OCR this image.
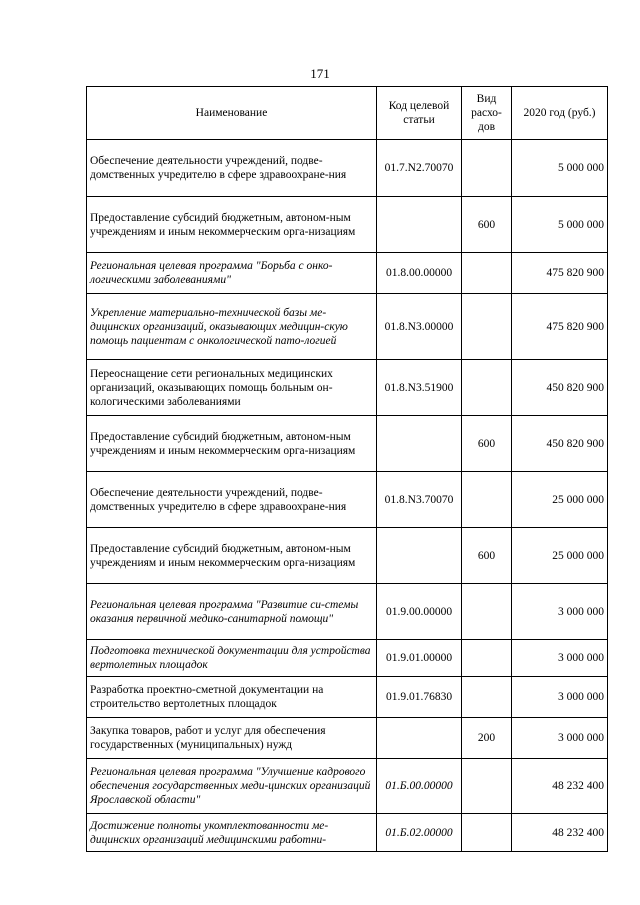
171
Наименование	Код целевой статьи	Вид расхо-дов	2020 год (руб.)
Обеспечение деятельности учреждений, подве-домственных учредителю в сфере здравоохране-ния	01.7.N2.70070		5 000 000
Предоставление субсидий бюджетным, автоном-ным учреждениям и иным некоммерческим орга-низациям		600	5 000 000
Региональная целевая программа "Борьба с онко-логическими заболеваниями"	01.8.00.00000		475 820 900
Укрепление материально-технической базы ме-дицинских организаций, оказывающих медицин-скую помощь пациентам с онкологической пато-логией	01.8.N3.00000		475 820 900
Переоснащение сети региональных медицинских организаций, оказывающих помощь больным он-кологическими заболеваниями	01.8.N3.51900		450 820 900
Предоставление субсидий бюджетным, автоном-ным учреждениям и иным некоммерческим орга-низациям		600	450 820 900
Обеспечение деятельности учреждений, подве-домственных учредителю в сфере здравоохране-ния	01.8.N3.70070		25 000 000
Предоставление субсидий бюджетным, автоном-ным учреждениям и иным некоммерческим орга-низациям		600	25 000 000
Региональная целевая программа "Развитие си-стемы оказания первичной медико-санитарной помощи"	01.9.00.00000		3 000 000
Подготовка технической документации для устройства вертолетных площадок	01.9.01.00000		3 000 000
Разработка проектно-сметной документации на строительство вертолетных площадок	01.9.01.76830		3 000 000
Закупка товаров, работ и услуг для обеспечения государственных (муниципальных) нужд		200	3 000 000
Региональная целевая программа "Улучшение кадрового обеспечения государственных меди-цинских организаций Ярославской области"	01.Б.00.00000		48 232 400
Достижение полноты укомплектованности ме-дицинских организаций медицинскими работни-	01.Б.02.00000		48 232 400
